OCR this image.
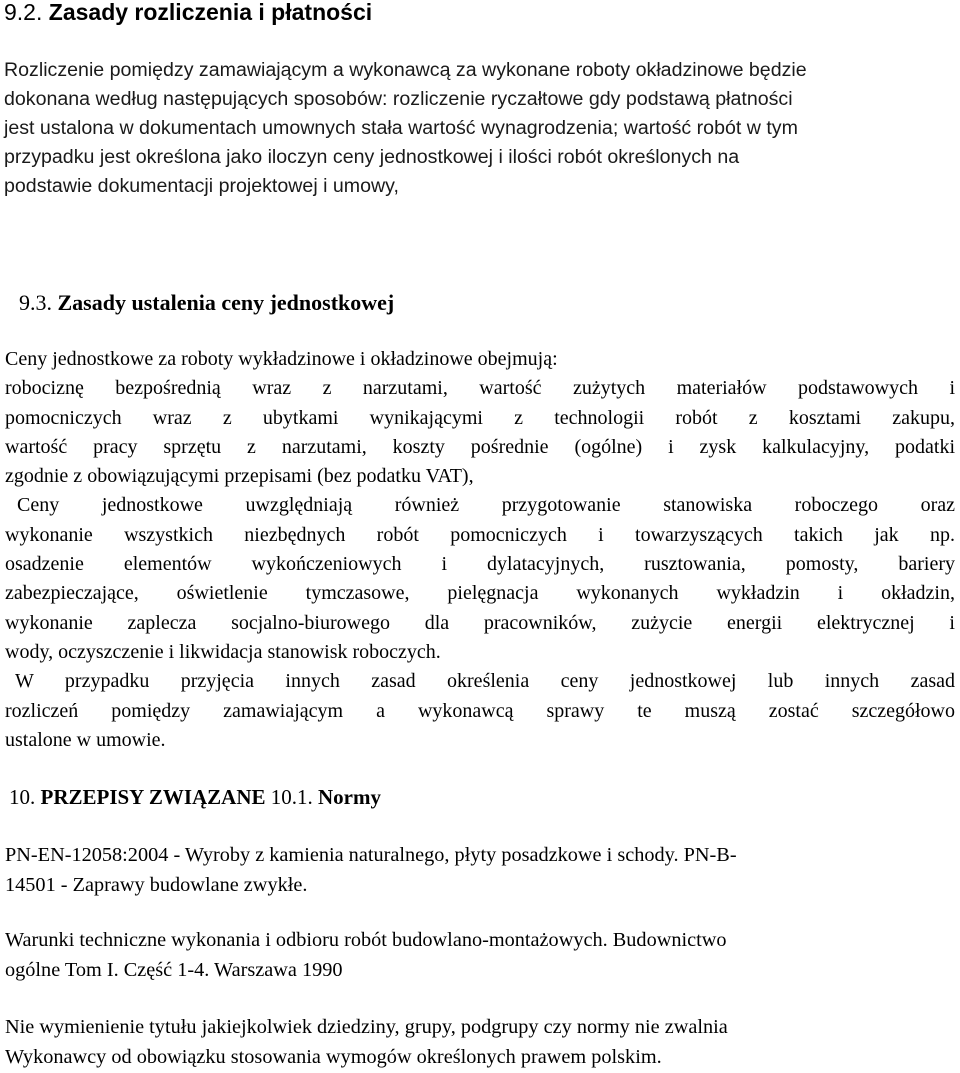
9.2. Zasady rozliczenia i płatności
Rozliczenie pomiędzy zamawiającym a wykonawcą za wykonane roboty okładzinowe będzie
dokonana według następujących sposobów: rozliczenie ryczałtowe gdy podstawą płatności
jest ustalona w dokumentach umownych stała wartość wynagrodzenia; wartość robót w tym
przypadku jest określona jako iloczyn ceny jednostkowej i ilości robót określonych na
podstawie dokumentacji projektowej i umowy,
9.3. Zasady ustalenia ceny jednostkowej
Ceny jednostkowe za roboty wykładzinowe i okładzinowe obejmują:
robociznę bezpośrednią wraz z narzutami, wartość zużytych materiałów podstawowych i
pomocniczych wraz z ubytkami wynikającymi z technologii robót z kosztami zakupu,
wartość pracy sprzętu z narzutami, koszty pośrednie (ogólne) i zysk kalkulacyjny, podatki
zgodnie z obowiązującymi przepisami (bez podatku VAT),
Ceny jednostkowe uwzględniają również przygotowanie stanowiska roboczego oraz
wykonanie wszystkich niezbędnych robót pomocniczych i towarzyszących takich jak np.
osadzenie elementów wykończeniowych i dylatacyjnych, rusztowania, pomosty, bariery
zabezpieczające, oświetlenie tymczasowe, pielęgnacja wykonanych wykładzin i okładzin,
wykonanie zaplecza socjalno-biurowego dla pracowników, zużycie energii elektrycznej i
wody, oczyszczenie i likwidacja stanowisk roboczych.
W przypadku przyjęcia innych zasad określenia ceny jednostkowej lub innych zasad
rozliczeń pomiędzy zamawiającym a wykonawcą sprawy te muszą zostać szczegółowo
ustalone w umowie.
10. PRZEPISY ZWIĄZANE 10.1. Normy
PN-EN-12058:2004 - Wyroby z kamienia naturalnego, płyty posadzkowe i schody. PN-B-
14501 - Zaprawy budowlane zwykłe.
Warunki techniczne wykonania i odbioru robót budowlano-montażowych. Budownictwo
ogólne Tom I. Część 1-4. Warszawa 1990
Nie wymienienie tytułu jakiejkolwiek dziedziny, grupy, podgrupy czy normy nie zwalnia
Wykonawcy od obowiązku stosowania wymogów określonych prawem polskim.
